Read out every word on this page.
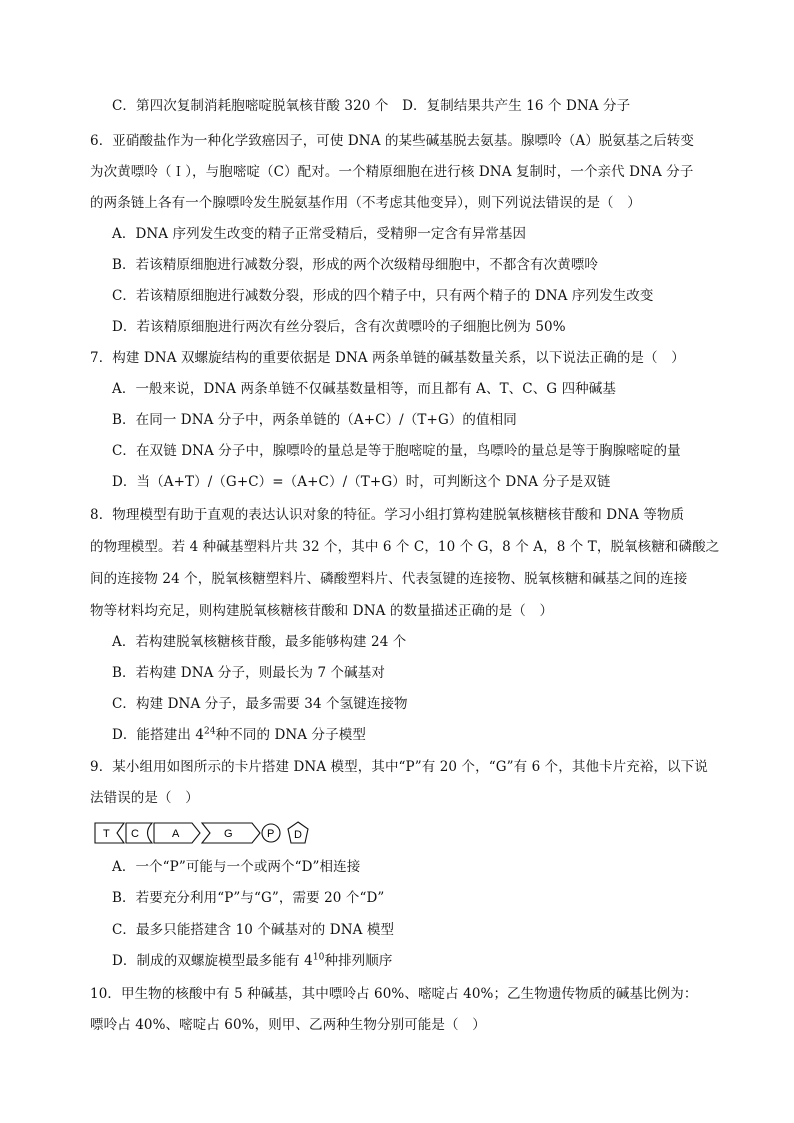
C．第四次复制消耗胞嘧啶脱氧核苷酸 320 个　D．复制结果共产生 16 个 DNA 分子
6．亚硝酸盐作为一种化学致癌因子，可使 DNA 的某些碱基脱去氨基。腺嘌呤（A）脱氨基之后转变
为次黄嘌呤（Ｉ），与胞嘧啶（C）配对。一个精原细胞在进行核 DNA 复制时，一个亲代 DNA 分子
的两条链上各有一个腺嘌呤发生脱氨基作用（不考虑其他变异），则下列说法错误的是（　）
A．DNA 序列发生改变的精子正常受精后，受精卵一定含有异常基因
B．若该精原细胞进行减数分裂，形成的两个次级精母细胞中，不都含有次黄嘌呤
C．若该精原细胞进行减数分裂，形成的四个精子中，只有两个精子的 DNA 序列发生改变
D．若该精原细胞进行两次有丝分裂后，含有次黄嘌呤的子细胞比例为 50%
7．构建 DNA 双螺旋结构的重要依据是 DNA 两条单链的碱基数量关系，以下说法正确的是（　）
A．一般来说，DNA 两条单链不仅碱基数量相等，而且都有 A、T、C、G 四种碱基
B．在同一 DNA 分子中，两条单链的（A+C）/（T+G）的值相同
C．在双链 DNA 分子中，腺嘌呤的量总是等于胞嘧啶的量，鸟嘌呤的量总是等于胸腺嘧啶的量
D．当（A+T）/（G+C）=（A+C）/（T+G）时，可判断这个 DNA 分子是双链
8．物理模型有助于直观的表达认识对象的特征。学习小组打算构建脱氧核糖核苷酸和 DNA 等物质
的物理模型。若 4 种碱基塑料片共 32 个，其中 6 个 C，10 个 G，8 个 A，8 个 T，脱氧核糖和磷酸之
间的连接物 24 个，脱氧核糖塑料片、磷酸塑料片、代表氢键的连接物、脱氧核糖和碱基之间的连接
物等材料均充足，则构建脱氧核糖核苷酸和 DNA 的数量描述正确的是（　）
A．若构建脱氧核糖核苷酸，最多能够构建 24 个
B．若构建 DNA 分子，则最长为 7 个碱基对
C．构建 DNA 分子，最多需要 34 个氢键连接物
D．能搭建出 $4^{24}$种不同的 DNA 分子模型
9．某小组用如图所示的卡片搭建 DNA 模型，其中“P”有 20 个，“G”有 6 个，其他卡片充裕，以下说
法错误的是（　）
T C	A	G	P D
A．一个“P”可能与一个或两个“D”相连接
B．若要充分利用“P”与“G”，需要 20 个“D”
C．最多只能搭建含 10 个碱基对的 DNA 模型
D．制成的双螺旋模型最多能有 $4^{10}$种排列顺序
10．甲生物的核酸中有 5 种碱基，其中嘌呤占 60%、嘧啶占 40%；乙生物遗传物质的碱基比例为：
嘌呤占 40%、嘧啶占 60%，则甲、乙两种生物分别可能是（　）
